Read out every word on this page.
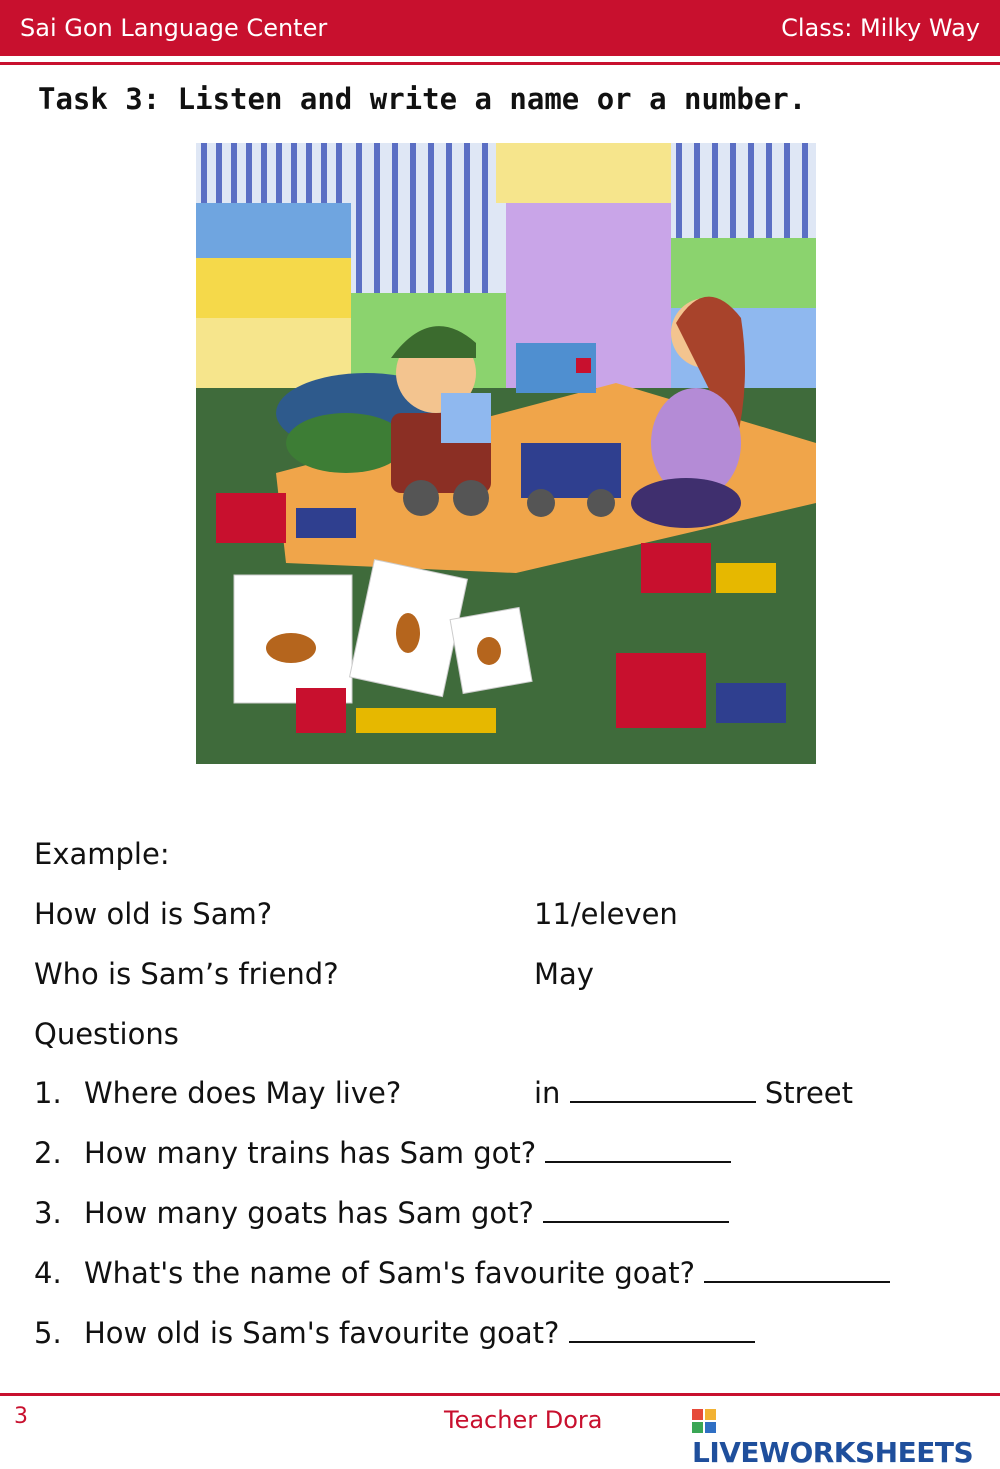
Sai Gon Language Center	Class: Milky Way
Task 3: Listen and write a name or a number.
Example:
How old is Sam?	11/eleven
Who is Sam’s friend?	May
Questions
1. Where does May live?	in	Street
2. How many trains has Sam got?
3. How many goats has Sam got?
4. What's the name of Sam's favourite goat?
5. How old is Sam's favourite goat?
3	Teacher Dora
LIVEWORKSHEETS
